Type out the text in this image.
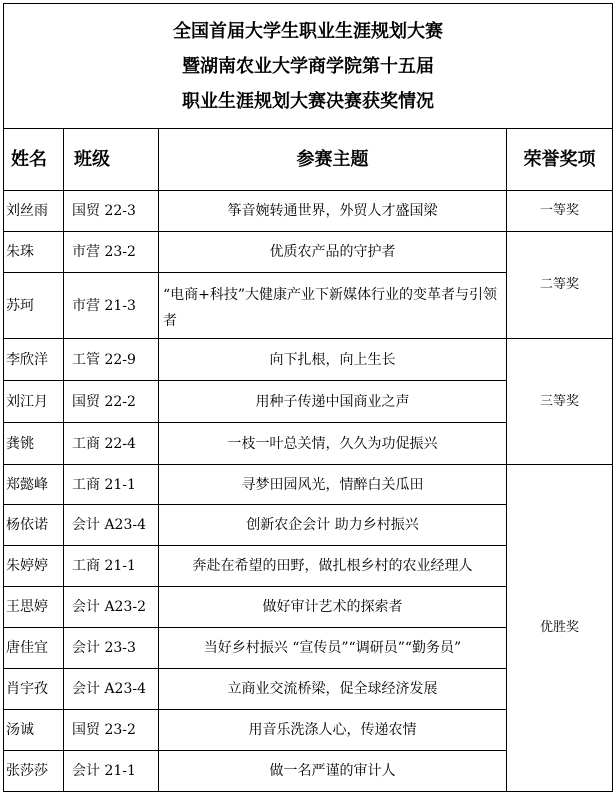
全国首届大学生职业生涯规划大赛
暨湖南农业大学商学院第十五届
职业生涯规划大赛决赛获奖情况			

姓名	班级	参赛主题	荣誉奖项
刘丝雨	国贸 22-3	筝音婉转通世界，外贸人才盛国梁	一等奖
朱珠	市营 23-2	优质农产品的守护者	二等奖
苏珂	市营 21-3	“电商+科技”大健康产业下新媒体行业的变革者与引领者	
李欣洋	工管 22-9	向下扎根，向上生长	三等奖
刘江月	国贸 22-2	用种子传递中国商业之声	
龚铫	工商 22-4	一枝一叶总关情，久久为功促振兴	
郑懿峰	工商 21-1	寻梦田园风光，情醉白关瓜田	优胜奖
杨依诺	会计 A23-4	创新农企会计 助力乡村振兴	
朱婷婷	工商 21-1	奔赴在希望的田野，做扎根乡村的农业经理人	
王思婷	会计 A23-2	做好审计艺术的探索者	
唐佳宜	会计 23-3	当好乡村振兴 “宣传员”“调研员”“勤务员”	
肖宇孜	会计 A23-4	立商业交流桥梁，促全球经济发展	
汤诚	国贸 23-2	用音乐洗涤人心，传递农情	
张莎莎	会计 21-1	做一名严谨的审计人	
